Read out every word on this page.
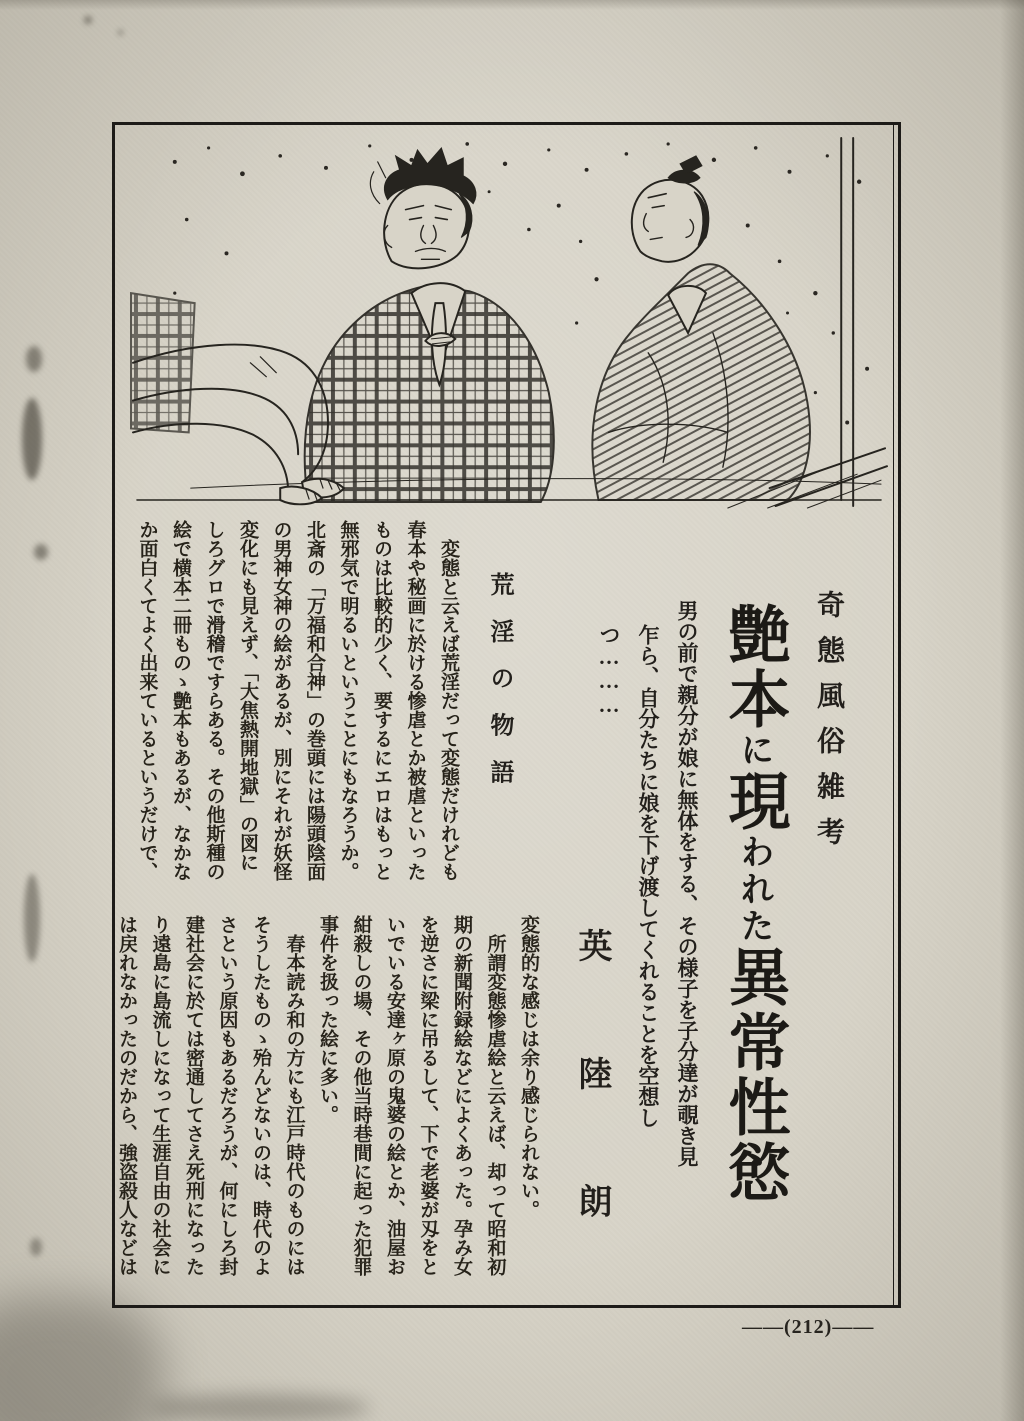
奇態風俗雑考
艶本に現われた異常性慾
男の前で親分が娘に無体をする、その様子を子分達が覗き見
乍ら、自分たちに娘を下げ渡してくれることを空想しつ………
英　陸　朗
荒淫の物語
　変態と云えば荒淫だって変態だけれども
春本や秘画に於ける惨虐とか被虐といった
ものは比較的少く、要するにエロはもっと
無邪気で明るいということにもなろうか。
北斎の「万福和合神」の巻頭には陽頭陰面
の男神女神の絵があるが、別にそれが妖怪
変化にも見えず、「大焦熱開地獄」の図に
しろグロで滑稽ですらある。その他斯種の
絵で横本二冊ものゝ艶本もあるが、なかな
か面白くてよく出来ているというだけで、
変態的な感じは余り感じられない。
　所謂変態惨虐絵と云えば、却って昭和初
期の新聞附録絵などによくあった。孕み女
を逆さに梁に吊るして、下で老婆が刄をと
いでいる安達ヶ原の鬼婆の絵とか、油屋お
紺殺しの場、その他当時巷間に起った犯罪
事件を扱った絵に多い。
　春本読み和の方にも江戸時代のものには
そうしたものゝ殆んどないのは、時代のよ
さという原因もあるだろうが、何にしろ封
建社会に於ては密通してさえ死刑になった
り遠島に島流しになって生涯自由の社会に
は戻れなかったのだから、強盗殺人などは
——(212)——
